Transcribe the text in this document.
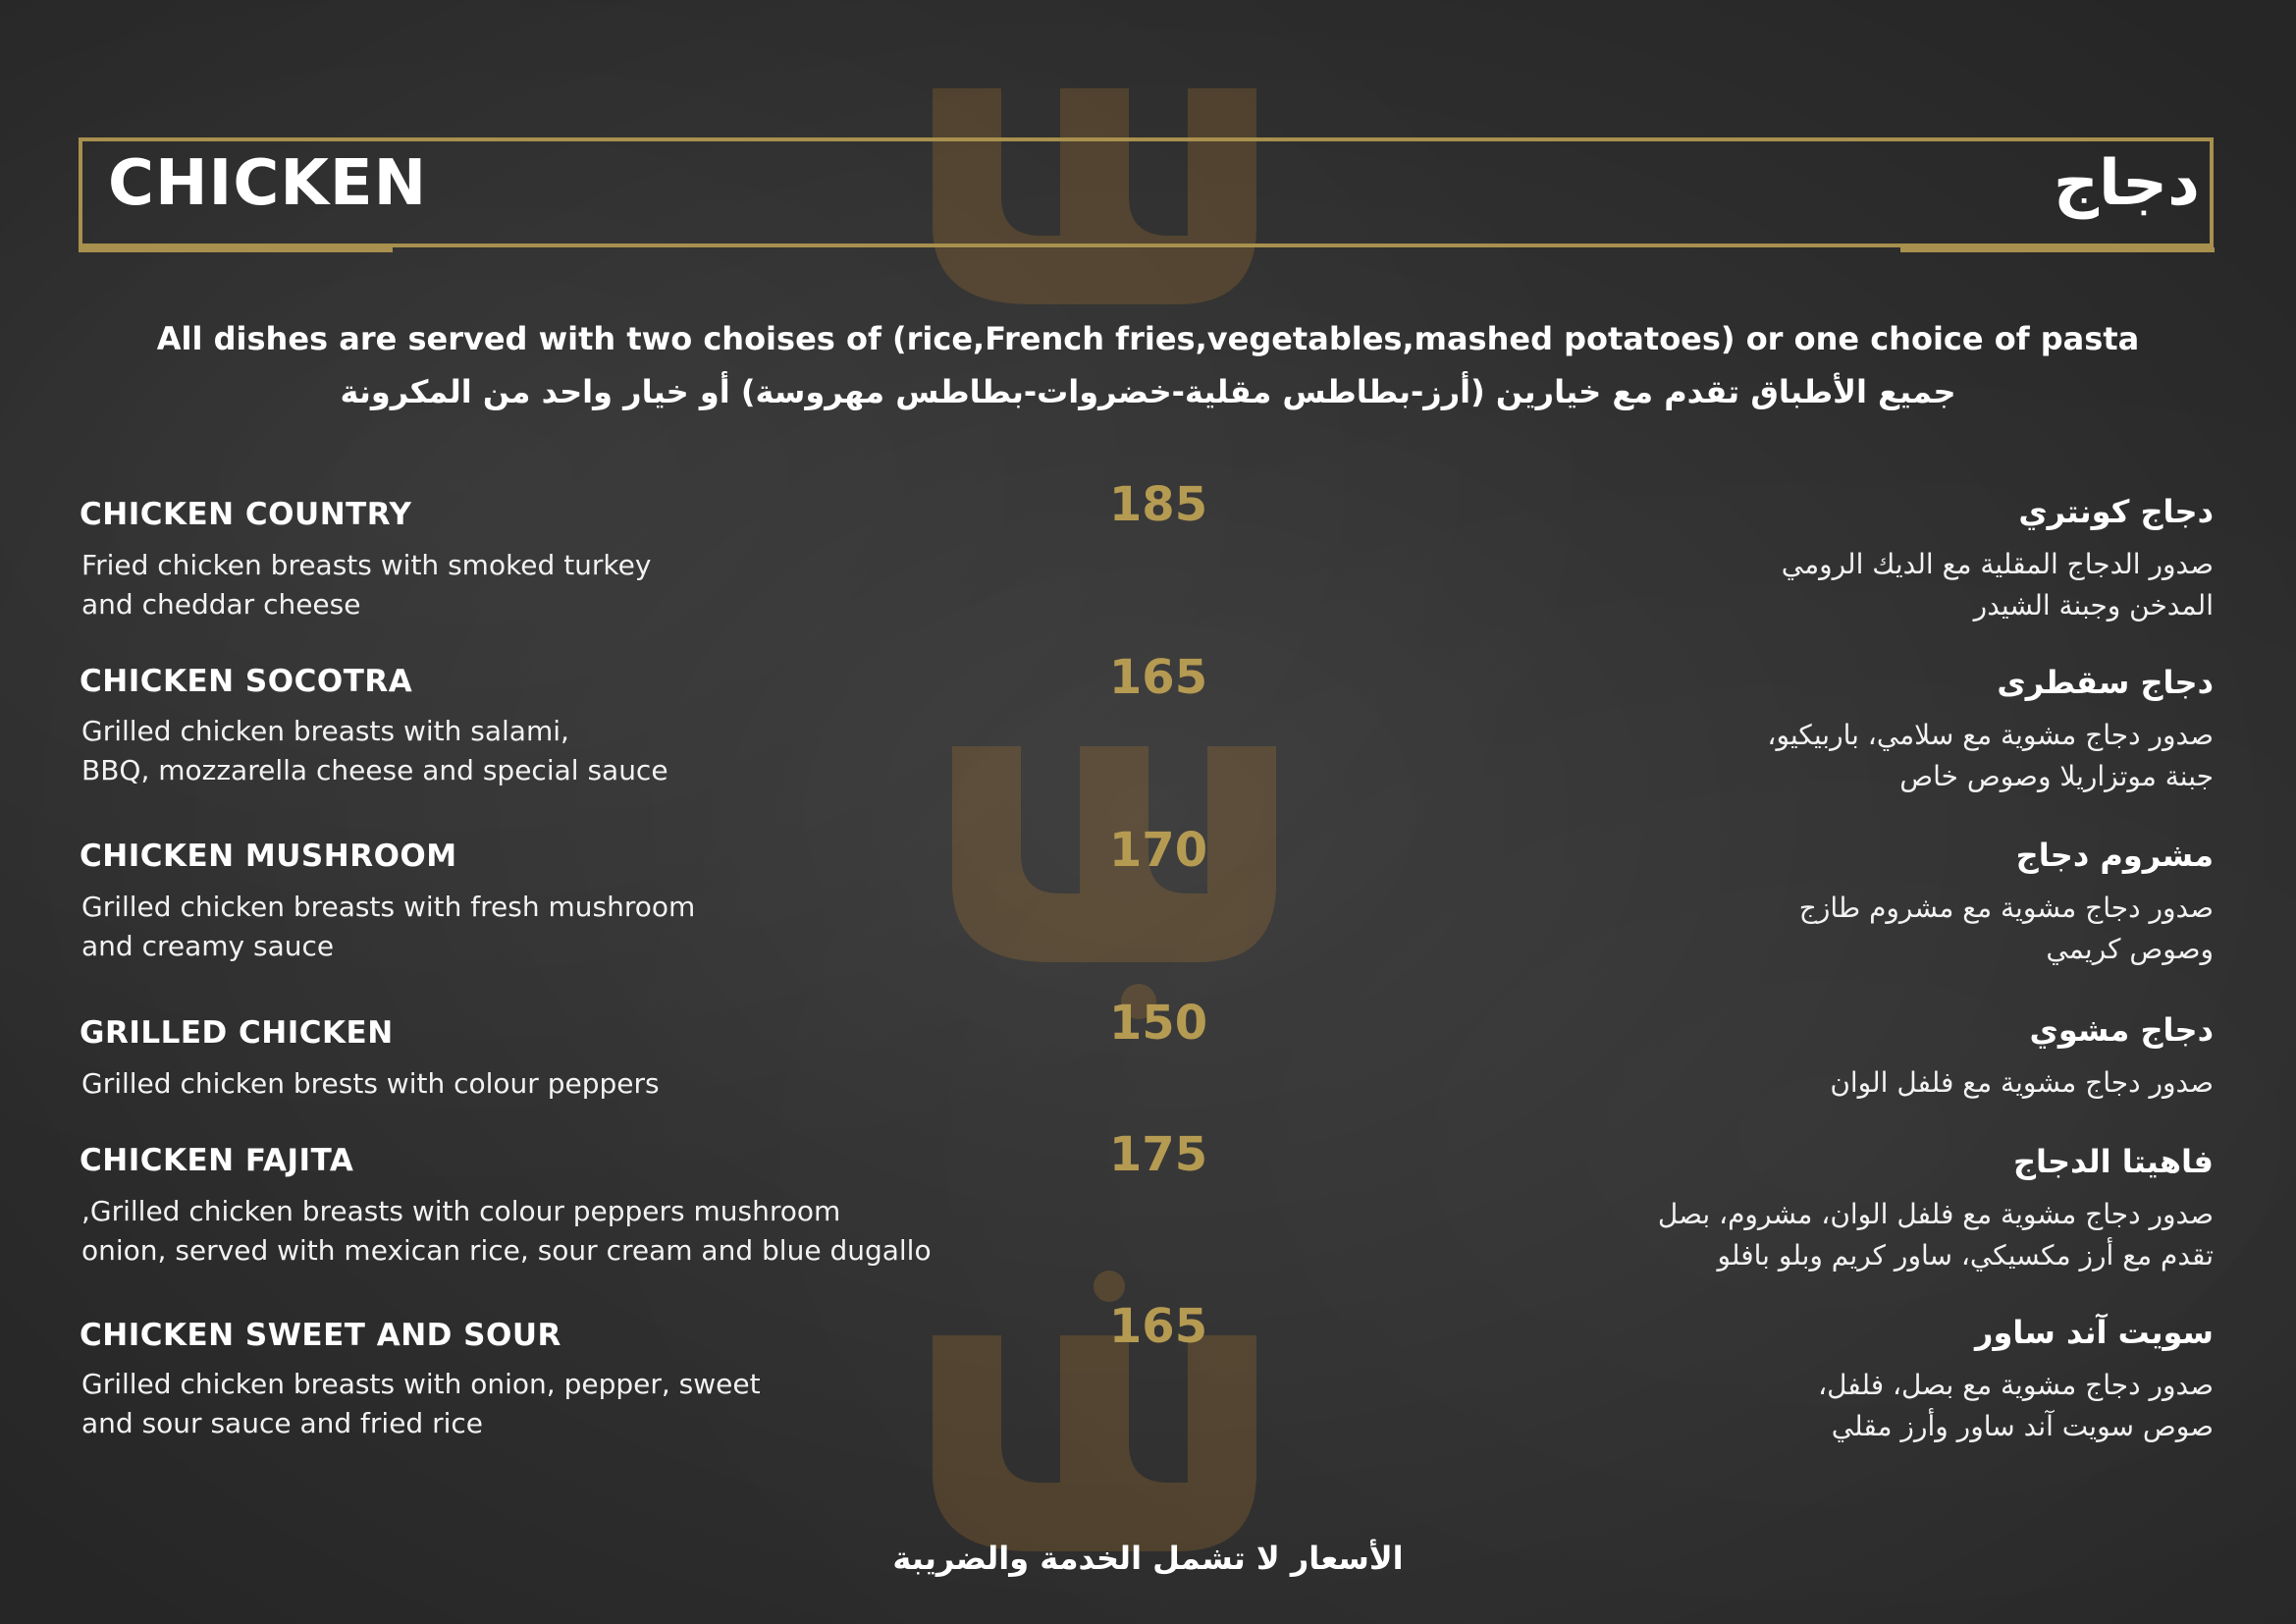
CHICKEN	دجاج
All dishes are served with two choises of (rice,French fries,vegetables,mashed potatoes) or one choice of pasta
جميع الأطباق تقدم مع خيارين (أرز-بطاطس مقلية-خضروات-بطاطس مهروسة) أو خيار واحد من المكرونة
CHICKEN COUNTRY
Fried chicken breasts with smoked turkey
and cheddar cheese
185	دجاج كونتري
صدور الدجاج المقلية مع الديك الرومي
المدخن وجبنة الشيدر
CHICKEN SOCOTRA
Grilled chicken breasts with salami,
BBQ, mozzarella cheese and special sauce
165	دجاج سقطرى
صدور دجاج مشوية مع سلامي، باربيكيو،
جبنة موتزاريلا وصوص خاص
CHICKEN MUSHROOM
Grilled chicken breasts with fresh mushroom
and creamy sauce
170	مشروم دجاج
صدور دجاج مشوية مع مشروم طازج
وصوص كريمي
GRILLED CHICKEN
Grilled chicken brests with colour peppers
150	دجاج مشوي
صدور دجاج مشوية مع فلفل الوان
CHICKEN FAJITA
,Grilled chicken breasts with colour peppers mushroom
onion, served with mexican rice, sour cream and blue dugallo
175	فاهيتا الدجاج
صدور دجاج مشوية مع فلفل الوان، مشروم، بصل
تقدم مع أرز مكسيكي، ساور كريم وبلو بافلو
CHICKEN SWEET AND SOUR
Grilled chicken breasts with onion, pepper, sweet
and sour sauce and fried rice
165	سويت آند ساور
صدور دجاج مشوية مع بصل، فلفل،
صوص سويت آند ساور وأرز مقلي
الأسعار لا تشمل الخدمة والضريبة
